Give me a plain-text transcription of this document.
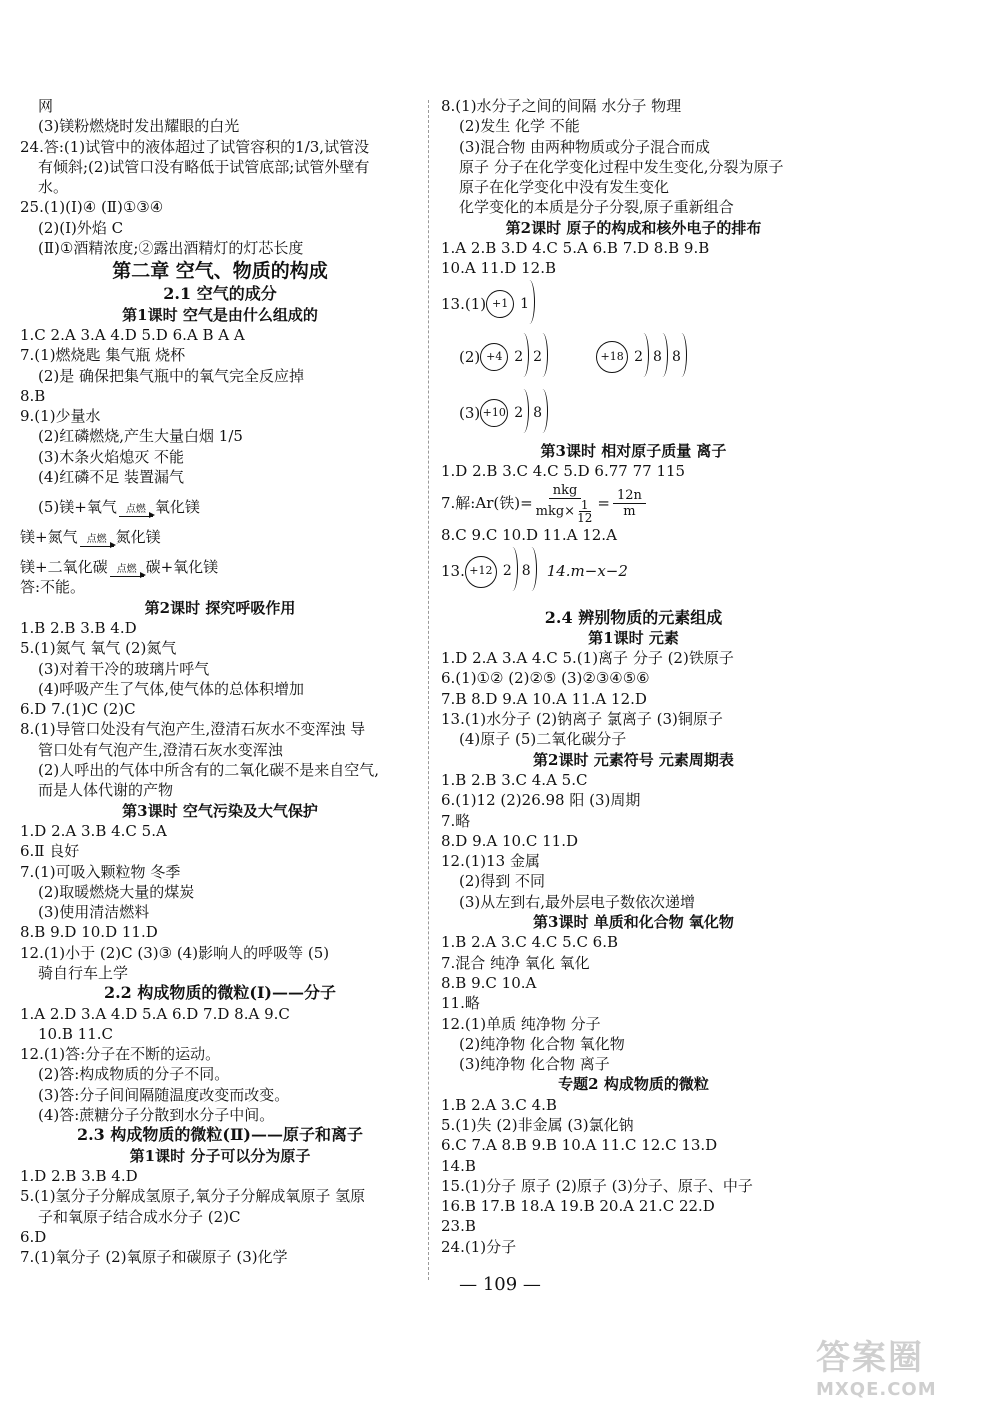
网
(3)镁粉燃烧时发出耀眼的白光
24.答:(1)试管中的液体超过了试管容积的1/3,试管没
有倾斜;(2)试管口没有略低于试管底部;试管外壁有
水。
25.(1)(Ⅰ)④ (Ⅱ)①③④
(2)(Ⅰ)外焰 C
(Ⅱ)①酒精浓度;②露出酒精灯的灯芯长度
第二章 空气、物质的构成
2.1 空气的成分
第1课时 空气是由什么组成的
1.C 2.A 3.A 4.D 5.D 6.A B A A
7.(1)燃烧匙 集气瓶 烧杯
(2)是 确保把集气瓶中的氧气完全反应掉
8.B
9.(1)少量水
(2)红磷燃烧,产生大量白烟 1/5
(3)木条火焰熄灭 不能
(4)红磷不足 装置漏气
(5)镁+氧气 点燃 氧化镁
镁+氮气 点燃 氮化镁
镁+二氧化碳 点燃 碳+氧化镁
答:不能。
第2课时 探究呼吸作用
1.B 2.B 3.B 4.D
5.(1)氮气 氧气 (2)氮气
(3)对着干冷的玻璃片呼气
(4)呼吸产生了气体,使气体的总体积增加
6.D 7.(1)C (2)C
8.(1)导管口处没有气泡产生,澄清石灰水不变浑浊 导
管口处有气泡产生,澄清石灰水变浑浊
(2)人呼出的气体中所含有的二氧化碳不是来自空气,
而是人体代谢的产物
第3课时 空气污染及大气保护
1.D 2.A 3.B 4.C 5.A
6.Ⅱ 良好
7.(1)可吸入颗粒物 冬季
(2)取暖燃烧大量的煤炭
(3)使用清洁燃料
8.B 9.D 10.D 11.D
12.(1)小于 (2)C (3)③ (4)影响人的呼吸等 (5)
骑自行车上学
2.2 构成物质的微粒(Ⅰ)——分子
1.A 2.D 3.A 4.D 5.A 6.D 7.D 8.A 9.C
10.B 11.C
12.(1)答:分子在不断的运动。
(2)答:构成物质的分子不同。
(3)答:分子间间隔随温度改变而改变。
(4)答:蔗糖分子分散到水分子中间。
2.3 构成物质的微粒(Ⅱ)——原子和离子
第1课时 分子可以分为原子
1.D 2.B 3.B 4.D
5.(1)氢分子分解成氢原子,氧分子分解成氧原子 氢原
子和氧原子结合成水分子 (2)C
6.D
7.(1)氧分子 (2)氧原子和碳原子 (3)化学
8.(1)水分子之间的间隔 水分子 物理
(2)发生 化学 不能
(3)混合物 由两种物质或分子混合而成
原子 分子在化学变化过程中发生变化,分裂为原子
原子在化学变化中没有发生变化
化学变化的本质是分子分裂,原子重新组合
第2课时 原子的构成和核外电子的排布
1.A 2.B 3.D 4.C 5.A 6.B 7.D 8.B 9.B
10.A 11.D 12.B
13.(1) +1 1
(2) +4 2 2	+18 2 8 8
(3) +10 2 8
第3课时 相对原子质量 离子
1.D 2.B 3.C 4.C 5.D 6.77 77 115
7.解:Ar(铁)= $\frac{\text{nkg}}{mkg\times \frac{1}{12}} = \frac{12n}{m}$
8.C 9.C 10.D 11.A 12.A
13. +12 2 8	14.m−x−2
2.4 辨别物质的元素组成
第1课时 元素
1.D 2.A 3.A 4.C 5.(1)离子 分子 (2)铁原子
6.(1)①② (2)②⑤ (3)②③④⑤⑥
7.B 8.D 9.A 10.A 11.A 12.D
13.(1)水分子 (2)钠离子 氯离子 (3)铜原子
(4)原子 (5)二氧化碳分子
第2课时 元素符号 元素周期表
1.B 2.B 3.C 4.A 5.C
6.(1)12 (2)26.98 阳 (3)周期
7.略
8.D 9.A 10.C 11.D
12.(1)13 金属
(2)得到 不同
(3)从左到右,最外层电子数依次递增
第3课时 单质和化合物 氧化物
1.B 2.A 3.C 4.C 5.C 6.B
7.混合 纯净 氧化 氧化
8.B 9.C 10.A
11.略
12.(1)单质 纯净物 分子
(2)纯净物 化合物 氧化物
(3)纯净物 化合物 离子
专题2 构成物质的微粒
1.B 2.A 3.C 4.B
5.(1)失 (2)非金属 (3)氯化钠
6.C 7.A 8.B 9.B 10.A 11.C 12.C 13.D
14.B
15.(1)分子 原子 (2)原子 (3)分子、原子、中子
16.B 17.B 18.A 19.B 20.A 21.C 22.D
23.B
24.(1)分子
— 109 —
答案圈
MXQE.COM
